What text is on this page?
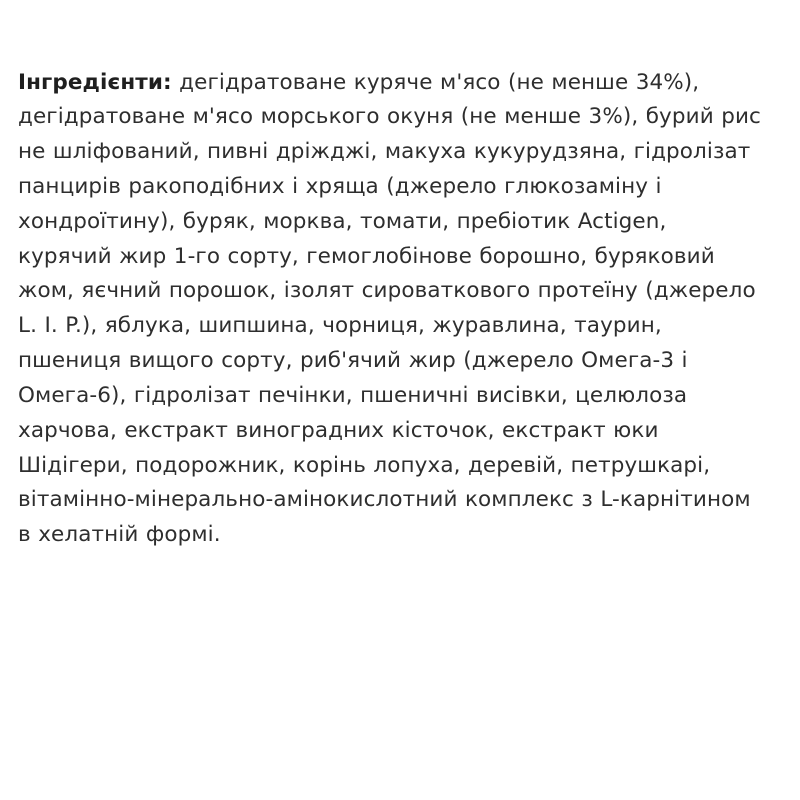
Інгредієнти: дегідратоване куряче м'ясо (не менше 34%), дегідратоване м'ясо морського окуня (не менше 3%), бурий рис не шліфований, пивні дріжджі, макуха кукурудзяна, гідролізат панцирів ракоподібних і хряща (джерело глюкозаміну і хондроїтину), буряк, морква, томати, пребіотик Actigen, курячий жир 1-го сорту, гемоглобінове борошно, буряковий жом, яєчний порошок, ізолят сироваткового протеїну (джерело L. I. P.), яблука, шипшина, чорниця, журавлина, таурин, пшениця вищого сорту, риб'ячий жир (джерело Омега-3 і Омега-6), гідролізат печінки, пшеничні висівки, целюлоза харчова, екстракт виноградних кісточок, екстракт юки Шідігери, подорожник, корінь лопуха, деревій, петрушкарі, вітамінно-мінерально-амінокислотний комплекс з L-карнітином в хелатній формі.
